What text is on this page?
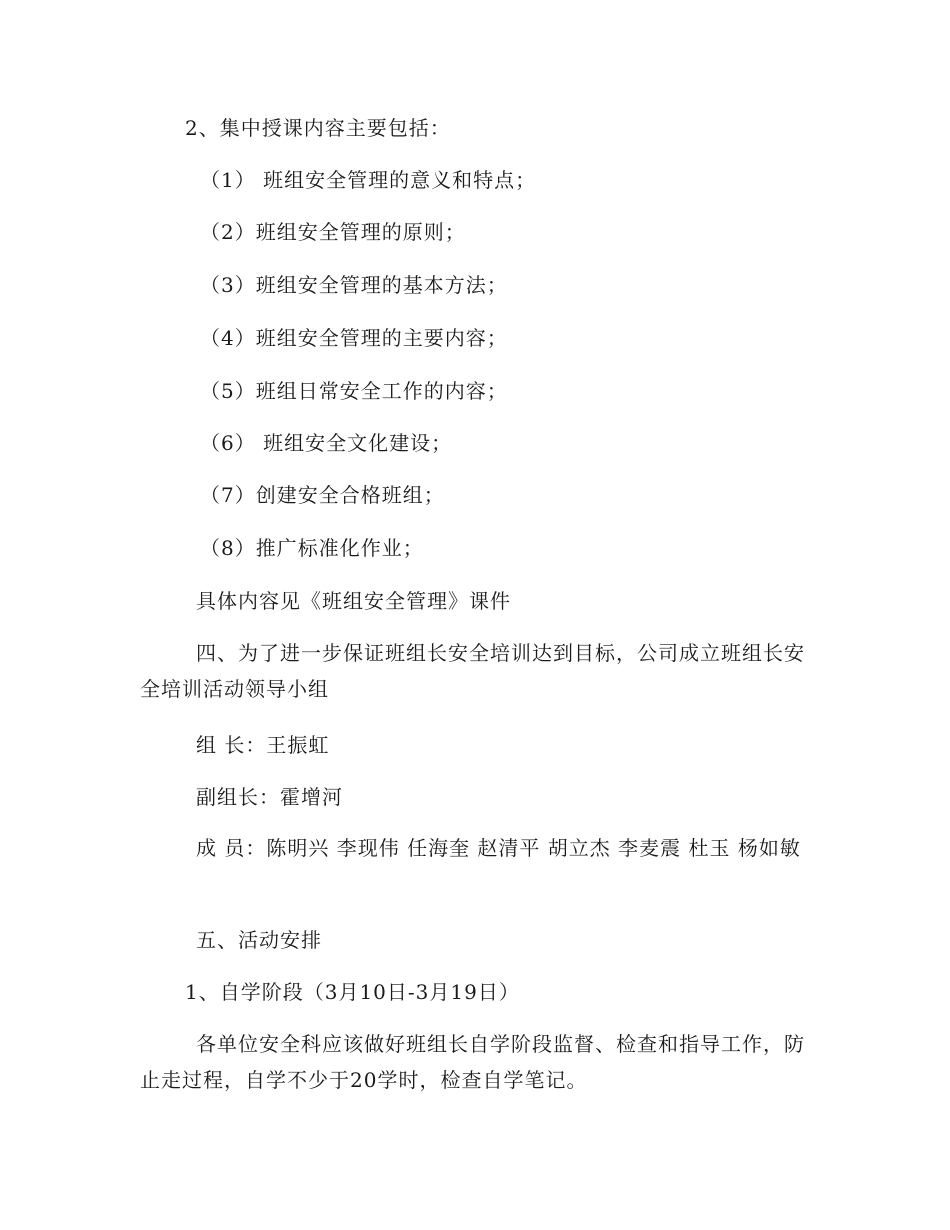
2、集中授课内容主要包括：
（1） 班组安全管理的意义和特点；
（2）班组安全管理的原则；
（3）班组安全管理的基本方法；
（4）班组安全管理的主要内容；
（5）班组日常安全工作的内容；
（6） 班组安全文化建设；
（7）创建安全合格班组；
（8）推广标准化作业；
具体内容见《班组安全管理》课件
四、为了进一步保证班组长安全培训达到目标，公司成立班组长安全培训活动领导小组
组 长：王振虹
副组长：霍增河
成 员：陈明兴 李现伟 任海奎 赵清平 胡立杰 李麦震 杜玉 杨如敏
五、活动安排
1、自学阶段（3月10日-3月19日）
各单位安全科应该做好班组长自学阶段监督、检查和指导工作，防止走过程，自学不少于20学时，检查自学笔记。
